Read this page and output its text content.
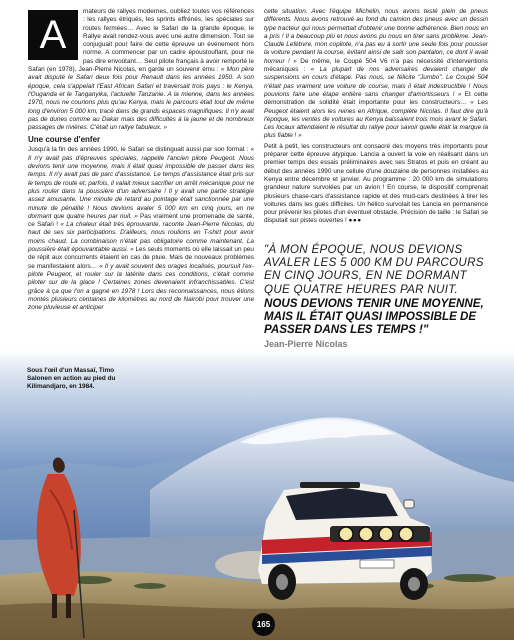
A
mateurs de rallyes modernes, oubliez toutes vos références : les rallyes étriqués, les sprints effrénés, les spéciales sur routes fermées… Avec le Safari de la grande époque, le Rallye avait rendez-vous avec une autre dimension. Tout se conjuguait pour faire de cette épreuve un événement hors norme. A commencer par un cadre époustouflant, pour ne pas dire envoûtant… Seul pilote français à avoir remporté le Safari (en 1978), Jean-Pierre Nicolas, en garde un souvenir ému : « Mon père avait disputé le Safari deux fois pour Renault dans les années 1950. A son époque, cela s'appelait l'East African Safari et traversait trois pays : le Kenya, l'Ouganda et le Tanganyika, l'actuelle Tanzanie. A la mienne, dans les années 1970, nous ne courions plus qu'au Kenya, mais le parcours était tout de même long d'environ 5 000 km, tracé dans de grands espaces magnifiques. Il n'y avait pas de dunes comme au Dakar mais des difficultés à la jaune et de nombreux passages de rivières. C'était un rallye fabuleux. »

Une course d'enfer

Jusqu'à la fin des années 1990, le Safari se distinguait aussi par son format : « Il n'y avait pas d'épreuves spéciales, rappelle l'ancien pilote Peugeot. Nous devions tenir une moyenne, mais il était quasi impossible de passer dans les temps. Il n'y avait pas de parc d'assistance. Le temps d'assistance était pris sur le temps de route et, parfois, il valait mieux sacrifier un arrêt mécanique pour ne plus rouler dans la poussière d'un adversaire ! Il y avait une partie stratégie assez amusante. Une minute de retard au pointage était sanctionnée par une minute de pénalité ! Nous devions avaler 5 000 km en cinq jours, en ne dormant que quatre heures par nuit. » Pas vraiment une promenade de santé, ce Safari ! « La chaleur était très éprouvante, raconte Jean-Pierre Nicolas, du haut de ses six participations. D'ailleurs, nous roulions en T-shirt pour avoir moins chaud. La combinaison n'était pas obligatoire comme maintenant. La poussière était épouvantable aussi. » Les seuls moments où elle laissait un peu de répit aux concurrents étaient en cas de pluie. Mais de nouveaux problèmes se manifestaient alors… « Il y avait souvent des orages localisés, poursuit l'ex-pilote Peugeot, et rouler sur la latérite dans ces conditions, c'était comme piloter sur de la glace ! Certaines zones devenaient infranchissables. C'est grâce à ça que l'on a gagné en 1978 ! Lors des reconnaissances, nous étions montés plusieurs centaines de kilomètres au nord de Nairobi pour trouver une zone pluvieuse et anticiper

cette situation. Avec l'équipe Michelin, nous avons testé plein de pneus différents. Nous avons retrouvé au fond du camion des pneus avec un dessin type tracteur qui nous permettait d'obtenir une bonne adhérence. Bien nous en a pris ! Il a beaucoup plu et nous avons pu nous en tirer sans problème. Jean-Claude Lefèbvre, mon copilote, n'a pas eu à sortir une seule fois pour pousser la voiture pendant la course, évitant ainsi de salir son pantalon, ce dont il avait horreur ! » De même, le Coupé 504 V6 n'a pas nécessité d'interventions mécaniques : « La plupart de nos adversaires devaient changer de suspensions en cours d'étape. Pas nous, se félicite "Jumbo". Le Coupé 504 n'était pas vraiment une voiture de course, mais il était indestructible ! Nous pouvions faire une étape entière sans changer d'amortisseurs ! » Et cette démonstration de solidité était importante pour les constructeurs… « Les Peugeot étaient alors les reines en Afrique, complète Nicolas. Il faut dire qu'à l'époque, les ventes de voitures au Kenya baissaient trois mois avant le Safari. Les locaux attendaient le résultat du rallye pour savoir quelle était la marque la plus fiable ! »

Petit à petit, les constructeurs ont consacré des moyens très importants pour préparer cette épreuve atypique. Lancia a ouvert la voie en réalisant dans un premier temps des essais préliminaires avec ses Stratos et puis en créant au début des années 1990 une cellule d'une douzaine de personnes installées au Kenya entre décembre et janvier. Au programme : 20 000 km de simulations grandeur nature survolées par un avion ! En course, le dispositif comprenait plusieurs chase-cars d'assistance rapide et des mud-cars destinées à tirer les voitures dans les gués difficiles. Un hélico survolait les Lancia en permanence pour prévenir les pilotes d'un éventuel obstacle. Précision de taille : le Safari se disputait sur pistes ouvertes ! ●●●

"À MON ÉPOQUE, NOUS DEVIONS AVALER LES 5 000 KM DU PARCOURS EN CINQ JOURS, EN NE DORMANT QUE QUATRE HEURES PAR NUIT.

NOUS DEVIONS TENIR UNE MOYENNE, MAIS IL ÉTAIT QUASI IMPOSSIBLE DE PASSER DANS LES TEMPS !"

Jean-Pierre Nicolas
Sous l'œil d'un Massaï, Timo Salonen en action au pied du Kilimandjaro, en 1984.
165
